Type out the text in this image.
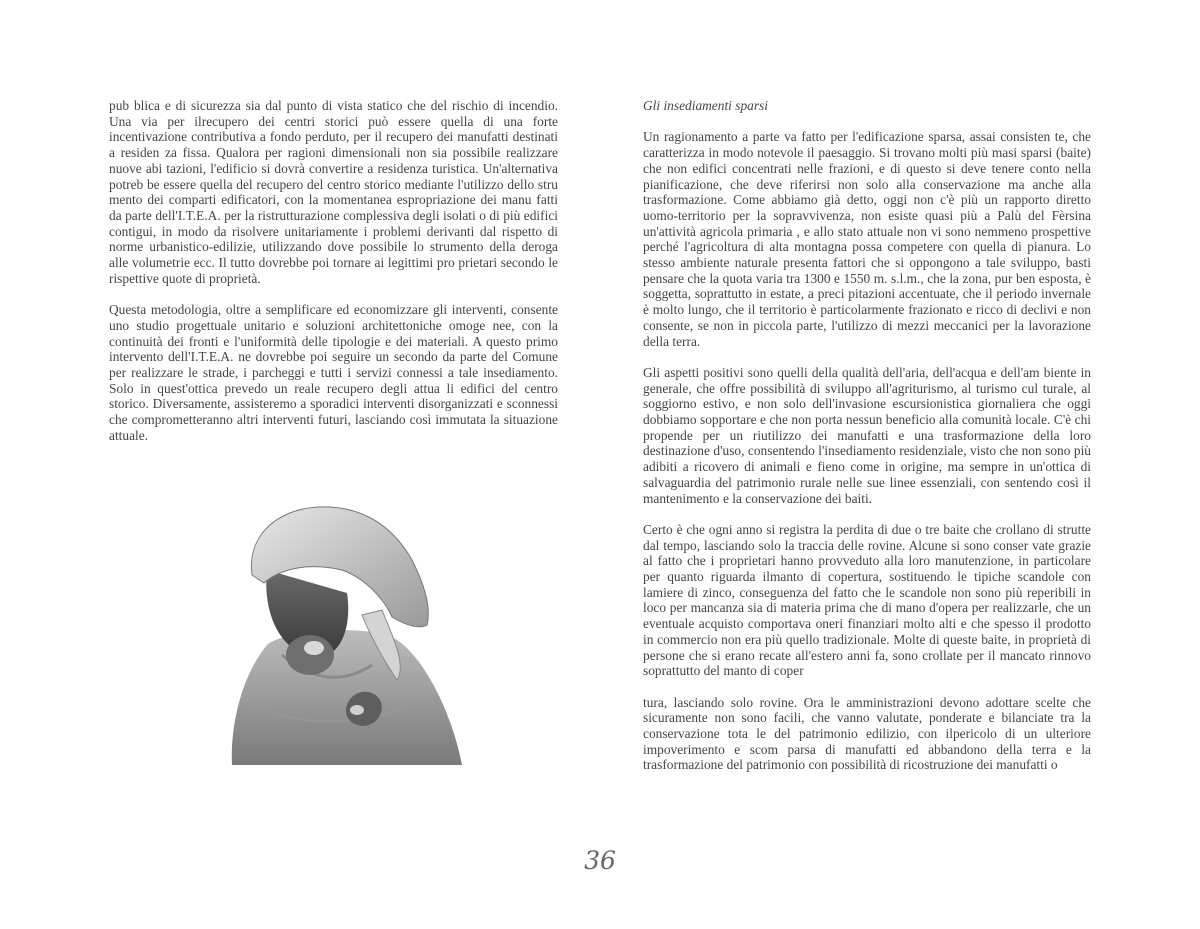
pub blica e di sicurezza sia dal punto di vista statico che del rischio di incendio. Una via per ilrecupero dei centri storici può essere quella di una forte incentivazione contributiva a fondo perduto, per il recupero dei manufatti destinati a residen za fissa. Qualora per ragioni dimensionali non sia possibile realizzare nuove abi tazioni, l'edificio si dovrà convertire a residenza turistica. Un'alternativa potreb be essere quella del recupero del centro storico mediante l'utilizzo dello stru mento dei comparti edificatori, con la momentanea espropriazione dei manu fatti da parte dell'I.T.E.A. per la ristrutturazione complessiva degli isolati o di più edifici contigui, in modo da risolvere unitariamente i problemi derivanti dal rispetto di norme urbanistico-edilizie, utilizzando dove possibile lo strumento della deroga alle volumetrie ecc. Il tutto dovrebbe poi tornare ai legittimi pro prietari secondo le rispettive quote di proprietà.

Questa metodologia, oltre a semplificare ed economizzare gli interventi, consente uno studio progettuale unitario e soluzioni architettoniche omoge nee, con la continuità dei fronti e l'uniformità delle tipologie e dei materiali. A questo primo intervento dell'I.T.E.A. ne dovrebbe poi seguire un secondo da parte del Comune per realizzare le strade, i parcheggi e tutti i servizi connessi a tale insediamento. Solo in quest'ottica prevedo un reale recupero degli attua li edifici del centro storico. Diversamente, assisteremo a sporadici interventi disorganizzati e sconnessi che comprometteranno altri interventi futuri, lasciando così immutata la situazione attuale.

Gli insediamenti sparsi

Un ragionamento a parte va fatto per l'edificazione sparsa, assai consisten te, che caratterizza in modo notevole il paesaggio. Si trovano molti più masi sparsi (baite) che non edifici concentrati nelle frazioni, e di questo si deve tenere conto nella pianificazione, che deve riferirsi non solo alla conservazione ma anche alla trasformazione. Come abbiamo già detto, oggi non c'è più un rapporto diretto uomo-territorio per la sopravvivenza, non esiste quasi più a Palù del Fèrsina un'attività agricola primaria , e allo stato attuale non vi sono nemmeno prospettive perché l'agricoltura di alta montagna possa competere con quella di pianura. Lo stesso ambiente naturale presenta fattori che si oppongono a tale sviluppo, basti pensare che la quota varia tra 1300 e 1550 m. s.l.m., che la zona, pur ben esposta, è soggetta, soprattutto in estate, a preci pitazioni accentuate, che il periodo invernale è molto lungo, che il territorio è particolarmente frazionato e ricco di declivi e non consente, se non in piccola parte, l'utilizzo di mezzi meccanici per la lavorazione della terra.

Gli aspetti positivi sono quelli della qualità dell'aria, dell'acqua e dell'am biente in generale, che offre possibilità di sviluppo all'agriturismo, al turismo cul turale, al soggiorno estivo, e non solo dell'invasione escursionistica giornaliera che oggi dobbiamo sopportare e che non porta nessun beneficio alla comunità locale. C'è chi propende per un riutilizzo dei manufatti e una trasformazione della loro destinazione d'uso, consentendo l'insediamento residenziale, visto che non sono più adibiti a ricovero di animali e fieno come in origine, ma sempre in un'ottica di salvaguardia del patrimonio rurale nelle sue linee essenziali, con sentendo così il mantenimento e la conservazione dei baiti.

Certo è che ogni anno si registra la perdita di due o tre baite che crollano di strutte dal tempo, lasciando solo la traccia delle rovine. Alcune si sono conser vate grazie al fatto che i proprietari hanno provveduto alla loro manutenzione, in particolare per quanto riguarda ilmanto di copertura, sostituendo le tipiche scandole con lamiere di zinco, conseguenza del fatto che le scandole non sono più reperibili in loco per mancanza sia di materia prima che di mano d'opera per realizzarle, che un eventuale acquisto comportava oneri finanziari molto alti e che spesso il prodotto in commercio non era più quello tradizionale. Molte di queste baite, in proprietà di persone che si erano recate all'estero anni fa, sono crollate per il mancato rinnovo soprattutto del manto di coper

tura, lasciando solo rovine. Ora le amministrazioni devono adottare scelte che sicuramente non sono facili, che vanno valutate, ponderate e bilanciate tra la conservazione tota le del patrimonio edilizio, con ilpericolo di un ulteriore impoverimento e scom parsa di manufatti ed abbandono della terra e la trasformazione del patrimonio con possibilità di ricostruzione dei manufatti o

36
